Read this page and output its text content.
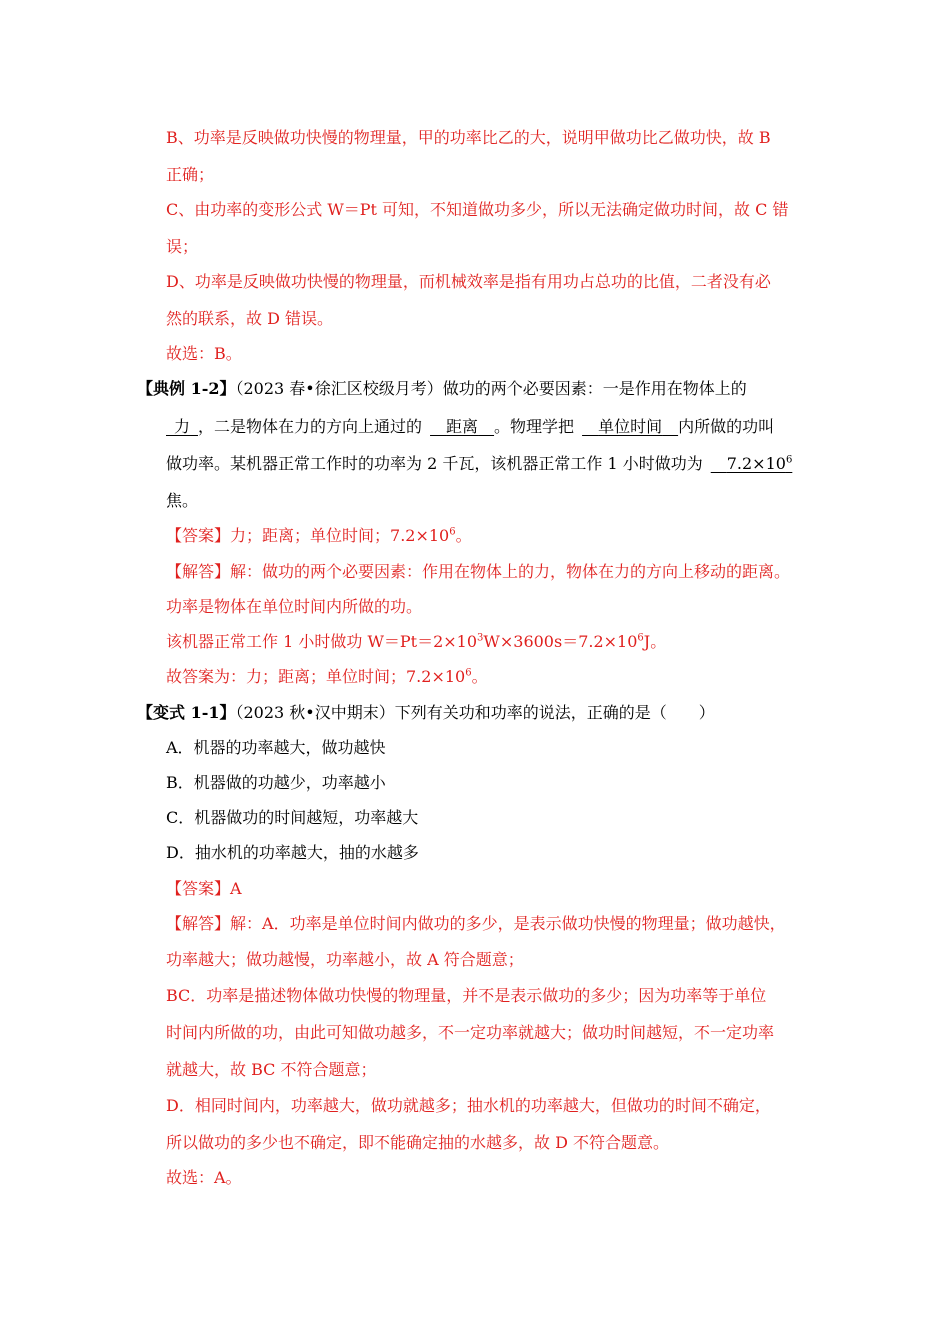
B、功率是反映做功快慢的物理量，甲的功率比乙的大，说明甲做功比乙做功快，故 B
正确；
C、由功率的变形公式 W＝Pt 可知，不知道做功多少，所以无法确定做功时间，故 C 错
误；
D、功率是反映做功快慢的物理量，而机械效率是指有用功占总功的比值，二者没有必
然的联系，故 D 错误。
故选：B。
【典例 1-2】（2023 春•徐汇区校级月考）做功的两个必要因素：一是作用在物体上的
 力  ，二是物体在力的方向上通过的   距离  。物理学把   单位时间  内所做的功叫
做功率。某机器正常工作时的功率为 2 千瓦，该机器正常工作 1 小时做功为   $7.2\times 10^6$
焦。
【答案】力；距离；单位时间；$7.2\times 10^6$。
【解答】解：做功的两个必要因素：作用在物体上的力，物体在力的方向上移动的距离。
功率是物体在单位时间内所做的功。
该机器正常工作 1 小时做功 $W=Pt=2\times 10^3W\times 3600s=7.2\times 10^6J$。
故答案为：力；距离；单位时间；$7.2\times 10^6$。
【变式 1-1】（2023 秋•汉中期末）下列有关功和功率的说法，正确的是（　　）
A．机器的功率越大，做功越快
B．机器做的功越少，功率越小
C．机器做功的时间越短，功率越大
D．抽水机的功率越大，抽的水越多
【答案】A
【解答】解：A．功率是单位时间内做功的多少，是表示做功快慢的物理量；做功越快，
功率越大；做功越慢，功率越小，故 A 符合题意；
BC．功率是描述物体做功快慢的物理量，并不是表示做功的多少；因为功率等于单位
时间内所做的功，由此可知做功越多，不一定功率就越大；做功时间越短，不一定功率
就越大，故 BC 不符合题意；
D．相同时间内，功率越大，做功就越多；抽水机的功率越大，但做功的时间不确定，
所以做功的多少也不确定，即不能确定抽的水越多，故 D 不符合题意。
故选：A。
